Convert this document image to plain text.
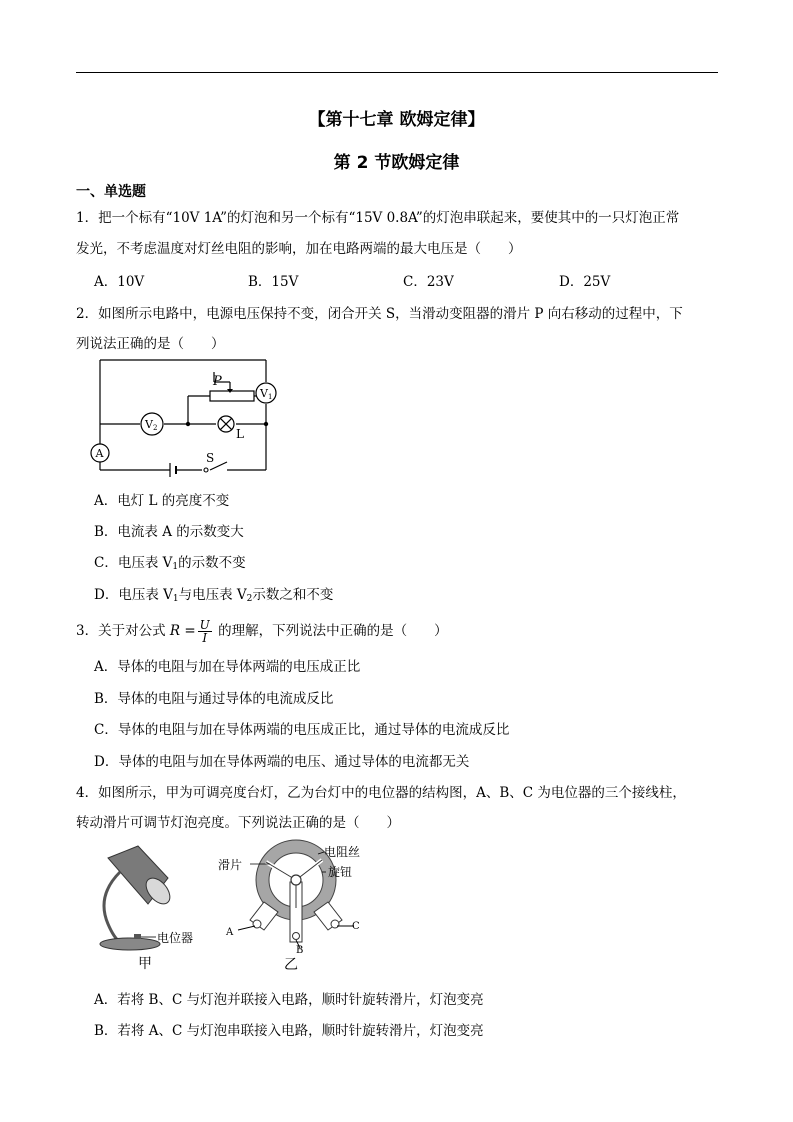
【第十七章 欧姆定律】
第 2 节欧姆定律
一、单选题
1．把一个标有“10V 1A”的灯泡和另一个标有“15V 0.8A”的灯泡串联起来，要使其中的一只灯泡正常
发光，不考虑温度对灯丝电阻的影响，加在电路两端的最大电压是（　　）
A．10V	B．15V	C．23V	D．25V
2．如图所示电路中，电源电压保持不变，闭合开关 S，当滑动变阻器的滑片 P 向右移动的过程中，下
列说法正确的是（　　）
P
V 1
V 2
A
L
S
A．电灯 L 的亮度不变
B．电流表 A 的示数变大
C．电压表 $V_1$的示数不变
D．电压表 $V_1$与电压表 $V_2$示数之和不变
3．关于对公式 $R = \frac{U}{I}$ 的理解，下列说法中正确的是（　　）
A．导体的电阻与加在导体两端的电压成正比
B．导体的电阻与通过导体的电流成反比
C．导体的电阻与加在导体两端的电压成正比，通过导体的电流成反比
D．导体的电阻与加在导体两端的电压、通过导体的电流都无关
4．如图所示，甲为可调亮度台灯，乙为台灯中的电位器的结构图，A、B、C 为电位器的三个接线柱，
转动滑片可调节灯泡亮度。下列说法正确的是（　　）
电位器
甲
滑片
电阻丝
旋钮
A
B
C
乙
A．若将 B、C 与灯泡并联接入电路，顺时针旋转滑片，灯泡变亮
B．若将 A、C 与灯泡串联接入电路，顺时针旋转滑片，灯泡变亮
